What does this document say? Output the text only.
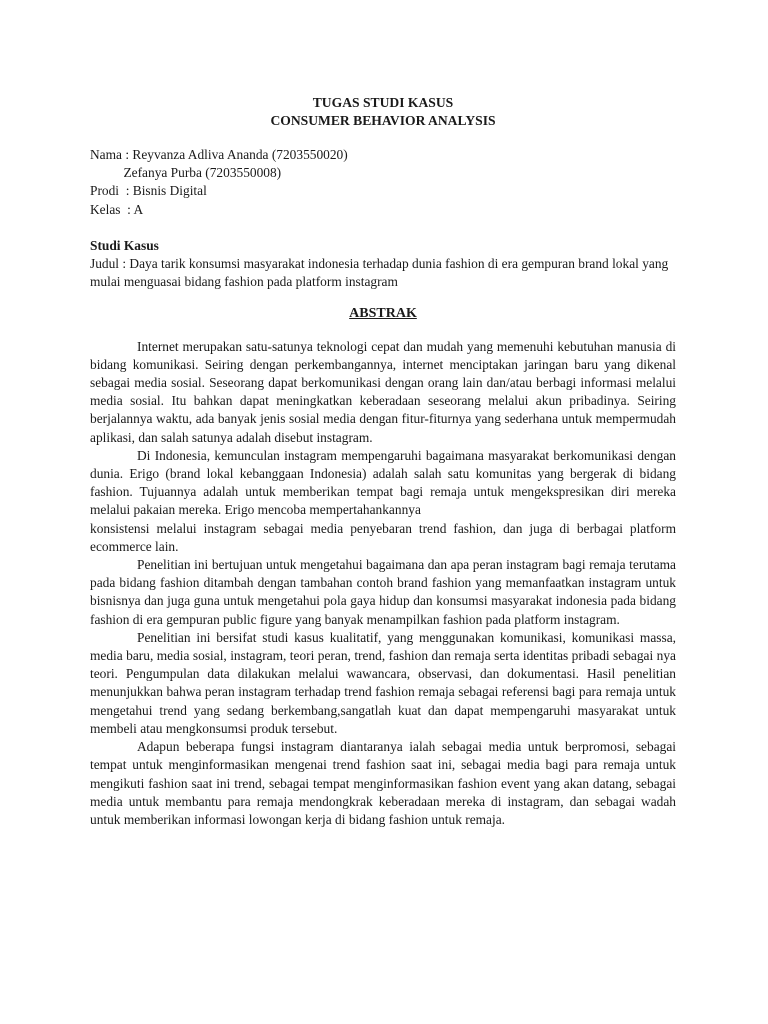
TUGAS STUDI KASUS

CONSUMER BEHAVIOR ANALYSIS

Nama : Reyvanza Adliva Ananda (7203550020)

Zefanya Purba (7203550008)

Prodi  : Bisnis Digital

Kelas  : A

Studi Kasus

Judul : Daya tarik konsumsi masyarakat indonesia terhadap dunia fashion di era gempuran brand lokal yang mulai menguasai bidang fashion pada platform instagram

ABSTRAK

Internet merupakan satu-satunya teknologi cepat dan mudah yang memenuhi kebutuhan manusia di bidang komunikasi. Seiring dengan perkembangannya, internet menciptakan jaringan baru yang dikenal sebagai media sosial. Seseorang dapat berkomunikasi dengan orang lain dan/atau berbagi informasi melalui media sosial. Itu bahkan dapat meningkatkan keberadaan seseorang melalui akun pribadinya. Seiring berjalannya waktu, ada banyak jenis sosial media dengan fitur-fiturnya yang sederhana untuk mempermudah aplikasi, dan salah satunya adalah disebut instagram.

Di Indonesia, kemunculan instagram mempengaruhi bagaimana masyarakat berkomunikasi dengan dunia. Erigo (brand lokal kebanggaan Indonesia) adalah salah satu komunitas yang bergerak di bidang fashion. Tujuannya adalah untuk memberikan tempat bagi remaja untuk mengekspresikan diri mereka melalui pakaian mereka. Erigo mencoba mempertahankannya

konsistensi melalui instagram sebagai media penyebaran trend fashion, dan juga di berbagai platform ecommerce lain.

Penelitian ini bertujuan untuk mengetahui bagaimana dan apa peran instagram bagi remaja terutama pada bidang fashion ditambah dengan tambahan contoh brand fashion yang memanfaatkan instagram untuk bisnisnya dan juga guna untuk mengetahui pola gaya hidup dan konsumsi masyarakat indonesia pada bidang fashion di era gempuran public figure yang banyak menampilkan fashion pada platform instagram.

Penelitian ini bersifat studi kasus kualitatif, yang menggunakan komunikasi, komunikasi massa, media baru, media sosial, instagram, teori peran, trend, fashion dan remaja serta identitas pribadi sebagai nya teori. Pengumpulan data dilakukan melalui wawancara, observasi, dan dokumentasi. Hasil penelitian menunjukkan bahwa peran instagram terhadap trend fashion remaja sebagai referensi bagi para remaja untuk mengetahui trend yang sedang berkembang,sangatlah kuat dan dapat mempengaruhi masyarakat untuk membeli atau mengkonsumsi produk tersebut.

Adapun beberapa fungsi instagram diantaranya ialah sebagai media untuk berpromosi, sebagai tempat untuk menginformasikan mengenai trend fashion saat ini, sebagai media bagi para remaja untuk mengikuti fashion saat ini trend, sebagai tempat menginformasikan fashion event yang akan datang, sebagai media untuk membantu para remaja mendongkrak keberadaan mereka di instagram, dan sebagai wadah untuk memberikan informasi lowongan kerja di bidang fashion untuk remaja.
